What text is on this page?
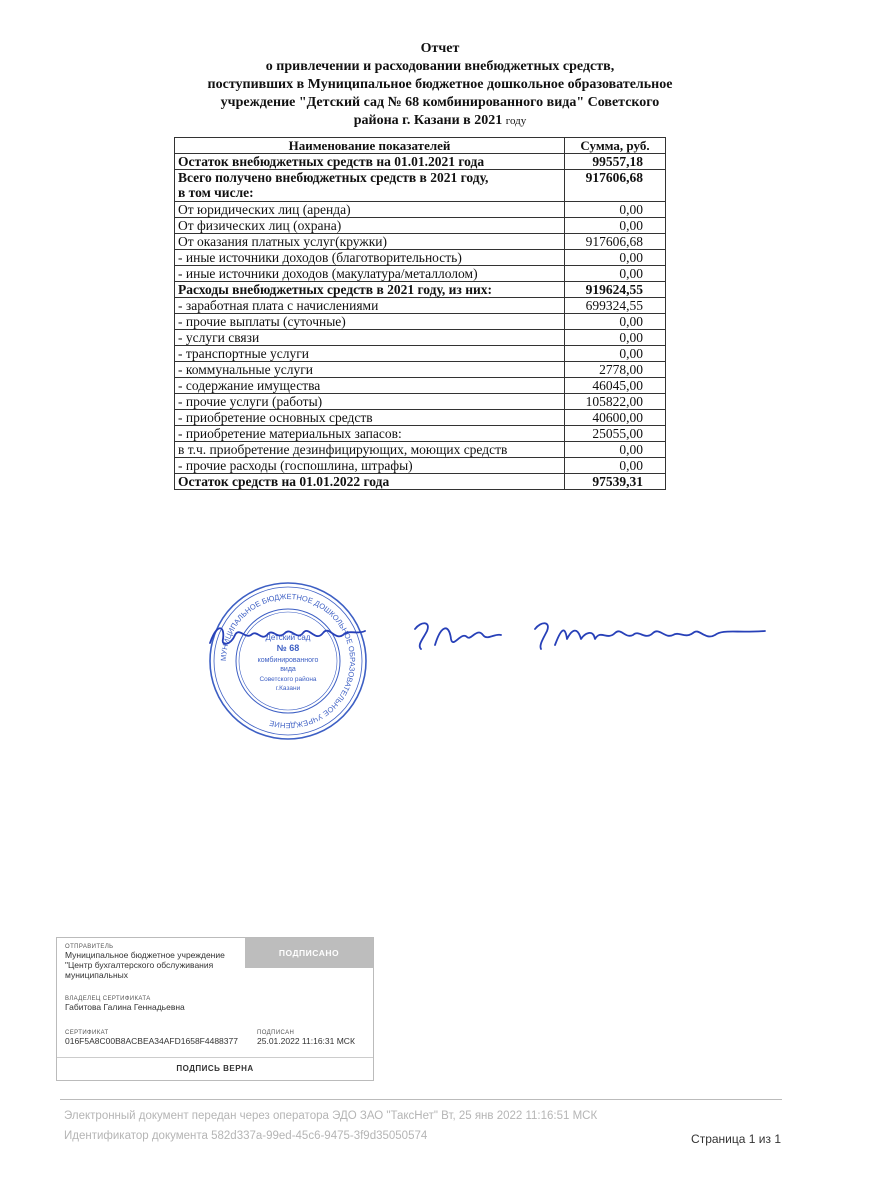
Отчет
о привлечении и расходовании внебюджетных средств,
поступивших в Муниципальное бюджетное дошкольное образовательное
учреждение "Детский сад № 68 комбинированного вида" Советского
района г. Казани в 2021 году
Наименование показателей	Сумма, руб.
Остаток внебюджетных средств на 01.01.2021 года	99557,18

Всего получено внебюджетных средств в 2021 году,
в том числе:	917606,68
От юридических лиц (аренда)	0,00
От физических лиц (охрана)	0,00
От оказания платных услуг(кружки)	917606,68
- иные источники доходов (благотворительность)	0,00
- иные источники доходов (макулатура/металлолом)	0,00
Расходы внебюджетных средств в 2021 году, из них:	919624,55
- заработная плата с начислениями	699324,55
- прочие выплаты (суточные)	0,00
- услуги связи	0,00
- транспортные услуги	0,00
- коммунальные услуги	2778,00
- содержание имущества	46045,00
- прочие услуги (работы)	105822,00
- приобретение основных средств	40600,00
- приобретение материальных запасов:	25055,00
в т.ч. приобретение дезинфицирующих, моющих средств	0,00
- прочие расходы (госпошлина, штрафы)	0,00
Остаток средств на 01.01.2022 года	97539,31
МУНИЦИПАЛЬНОЕ БЮДЖЕТНОЕ ДОШКОЛЬНОЕ ОБРАЗОВАТЕЛЬНОЕ УЧРЕЖДЕНИЕ
Детский сад
№ 68
комбинированного
вида
Советского района
г.Казани
ОТПРАВИТЕЛЬ
Муниципальное бюджетное учреждение "Центр бухгалтерского обслуживания муниципальных
ПОДПИСАНО
ВЛАДЕЛЕЦ СЕРТИФИКАТА
Габитова Галина Геннадьевна
СЕРТИФИКАТ
016F5A8C00B8ACBEA34AFD1658F4488377
ПОДПИСАН
25.01.2022 11:16:31 МСК
ПОДПИСЬ ВЕРНА
Электронный документ передан через оператора ЭДО ЗАО "ТаксНет" Вт, 25 янв 2022 11:16:51 МСК
Идентификатор документа 582d337a-99ed-45c6-9475-3f9d35050574	Страница 1 из 1
